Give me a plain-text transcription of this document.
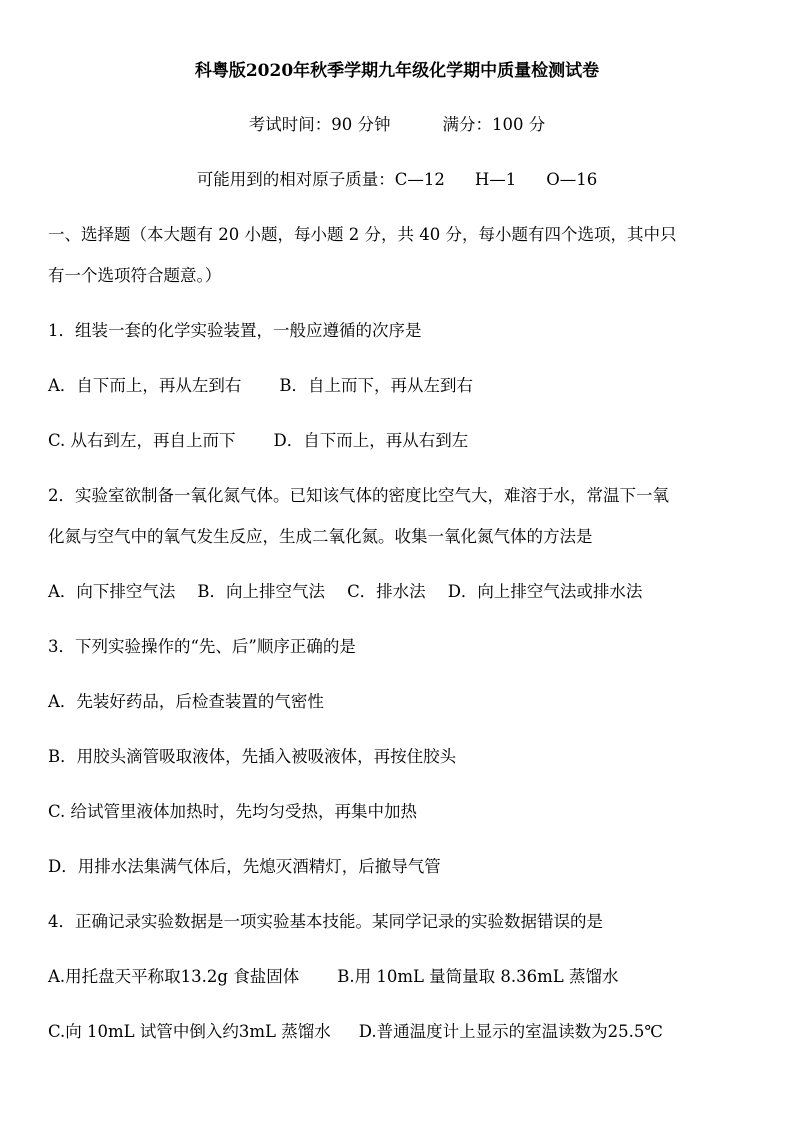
科粤版2020年秋季学期九年级化学期中质量检测试卷
考试时间：90 分钟	满分：100 分
可能用到的相对原子质量：C—12 H—1 O—16
一、选择题（本大题有 20 小题，每小题 2 分，共 40 分，每小题有四个选项，其中只
有一个选项符合题意。）
1．组装一套的化学实验装置，一般应遵循的次序是
A．自下而上，再从左到右 B．自上而下，再从左到右
C. 从右到左，再自上而下 D．自下而上，再从右到左
2．实验室欲制备一氧化氮气体。已知该气体的密度比空气大，难溶于水，常温下一氧
化氮与空气中的氧气发生反应，生成二氧化氮。收集一氧化氮气体的方法是
A．向下排空气法 B．向上排空气法 C．排水法 D．向上排空气法或排水法
3．下列实验操作的“先、后”顺序正确的是
A．先装好药品，后检查装置的气密性
B．用胶头滴管吸取液体，先插入被吸液体，再按住胶头
C. 给试管里液体加热时，先均匀受热，再集中加热
D．用排水法集满气体后，先熄灭酒精灯，后撤导气管
4．正确记录实验数据是一项实验基本技能。某同学记录的实验数据错误的是
A.用托盘天平称取13.2g 食盐固体 B.用 10mL 量筒量取 8.36mL 蒸馏水
C.向 10mL 试管中倒入约3mL 蒸馏水 D.普通温度计上显示的室温读数为25.5℃
